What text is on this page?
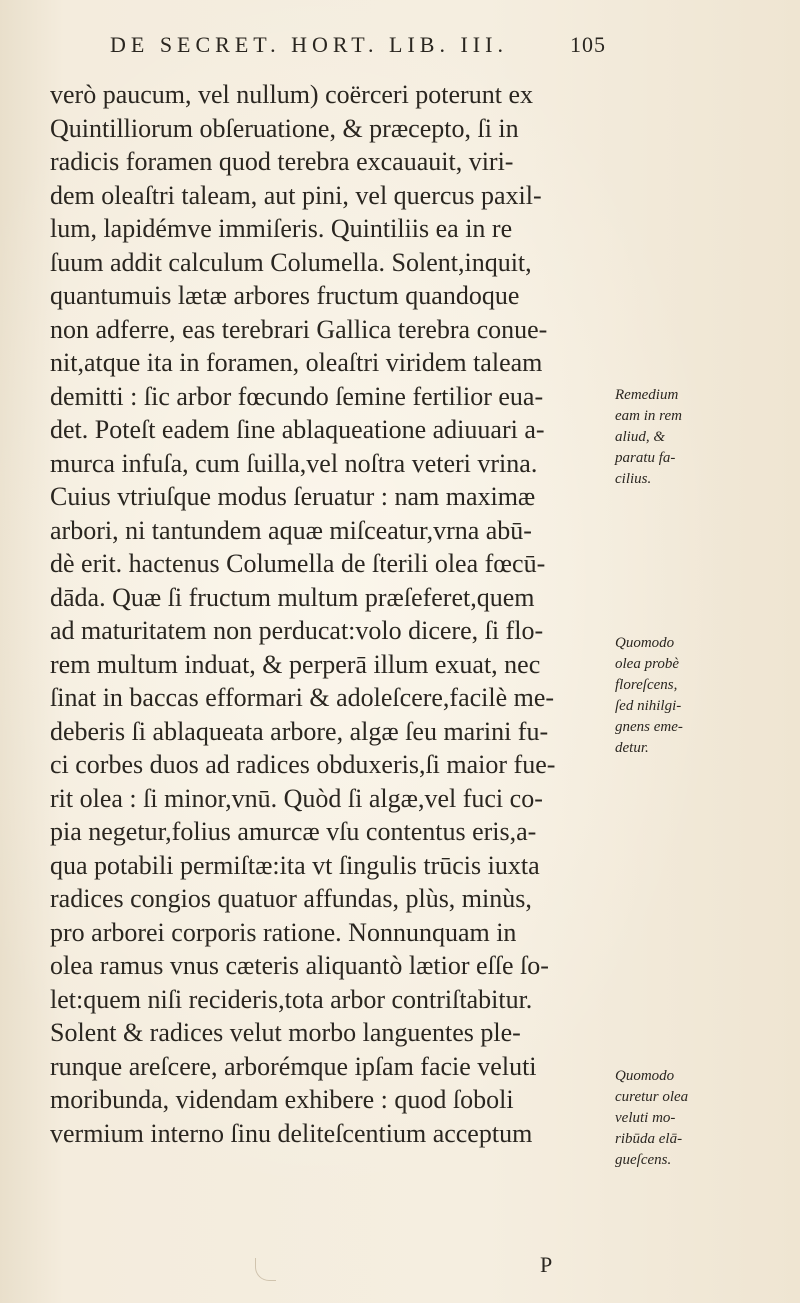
DE SECRET. HORT. LIB. III.	105
verò paucum, vel nullum) coërceri poterunt ex
Quintilliorum obſeruatione, & præcepto, ſi in
radicis foramen quod terebra excauauit, viri-
dem oleaſtri taleam, aut pini, vel quercus paxil-
lum, lapidémve immiſeris. Quintiliis ea in re
ſuum addit calculum Columella. Solent,inquit,
quantumuis lætæ arbores fructum quandoque
non adferre, eas terebrari Gallica terebra conue-
nit,atque ita in foramen, oleaſtri viridem taleam
demitti : ſic arbor fœcundo ſemine fertilior eua-
det. Poteſt eadem ſine ablaqueatione adiuuari a-
murca infuſa, cum ſuilla,vel noſtra veteri vrina.
Cuius vtriuſque modus ſeruatur : nam maximæ
arbori, ni tantundem aquæ miſceatur,vrna abū-
dè erit. hactenus Columella de ſterili olea fœcū-
dāda. Quæ ſi fructum multum præſeferet,quem
ad maturitatem non perducat:volo dicere, ſi flo-
rem multum induat, & perperā illum exuat, nec
ſinat in baccas efformari & adoleſcere,facilè me-
deberis ſi ablaqueata arbore, algæ ſeu marini fu-
ci corbes duos ad radices obduxeris,ſi maior fue-
rit olea : ſi minor,vnū. Quòd ſi algæ,vel fuci co-
pia negetur,folius amurcæ vſu contentus eris,a-
qua potabili permiſtæ:ita vt ſingulis trūcis iuxta
radices congios quatuor affundas, plùs, minùs,
pro arborei corporis ratione. Nonnunquam in
olea ramus vnus cæteris aliquantò lætior eſſe ſo-
let:quem niſi recideris,tota arbor contriſtabitur.
Solent & radices velut morbo languentes ple-
runque areſcere, arborémque ipſam facie veluti
moribunda, videndam exhibere : quod ſoboli
vermium interno ſinu deliteſcentium acceptum
P
Remedium
eam in rem
aliud, &
paratu fa-
cilius.
Quomodo
olea probè
floreſcens,
ſed nihilgi-
gnens eme-
detur.
Quomodo
curetur olea
veluti mo-
ribūda elā-
gueſcens.
